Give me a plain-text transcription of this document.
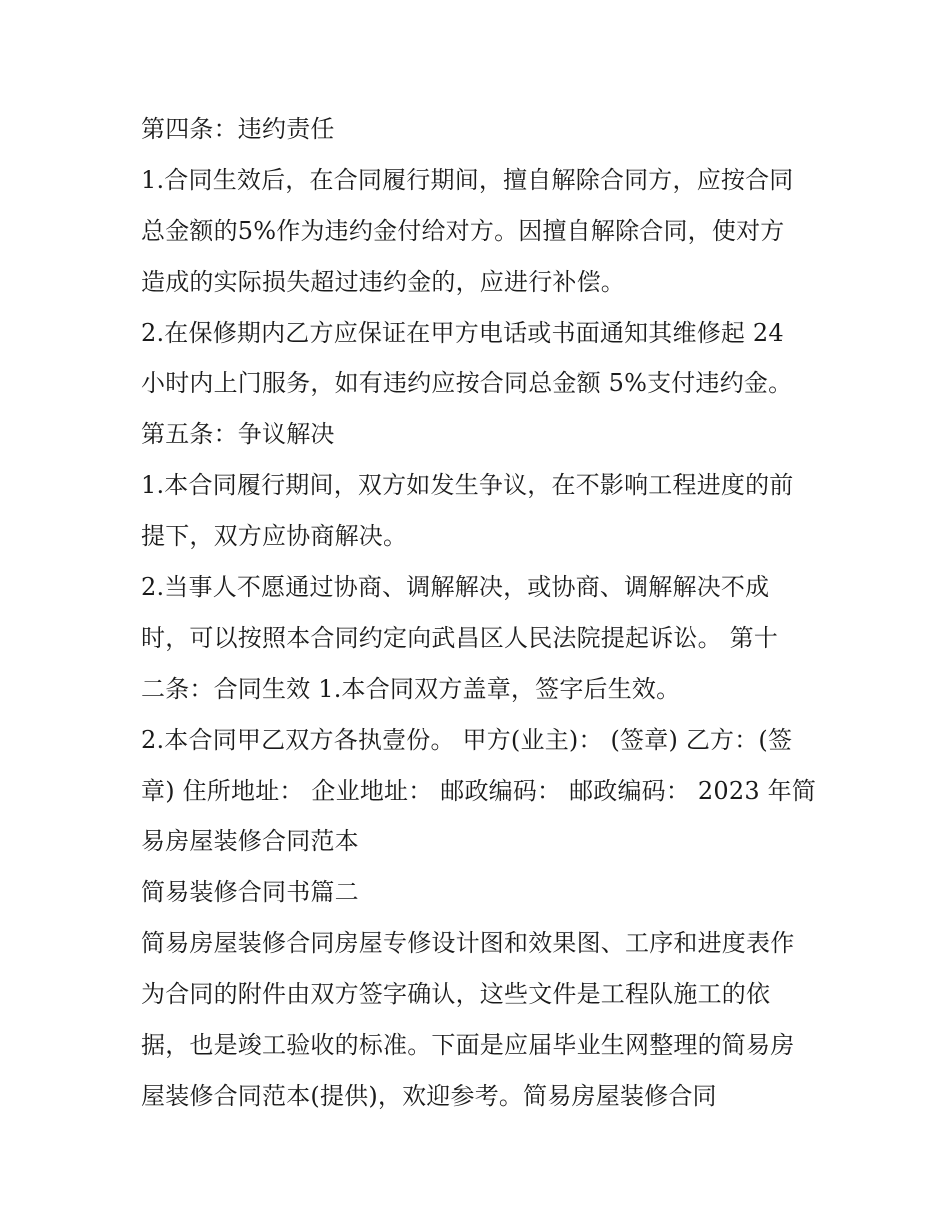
第四条：违约责任
1.合同生效后，在合同履行期间，擅自解除合同方，应按合同
总金额的5%作为违约金付给对方。因擅自解除合同，使对方
造成的实际损失超过违约金的，应进行补偿。
2.在保修期内乙方应保证在甲方电话或书面通知其维修起 24
小时内上门服务，如有违约应按合同总金额 5%支付违约金。
第五条：争议解决
1.本合同履行期间，双方如发生争议，在不影响工程进度的前
提下，双方应协商解决。
2.当事人不愿通过协商、调解解决，或协商、调解解决不成
时，可以按照本合同约定向武昌区人民法院提起诉讼。 第十
二条：合同生效 1.本合同双方盖章，签字后生效。
2.本合同甲乙双方各执壹份。 甲方(业主)： (签章) 乙方：(签
章) 住所地址： 企业地址： 邮政编码： 邮政编码： 2023 年简
易房屋装修合同范本
简易装修合同书篇二
简易房屋装修合同房屋专修设计图和效果图、工序和进度表作
为合同的附件由双方签字确认，这些文件是工程队施工的依
据，也是竣工验收的标准。下面是应届毕业生网整理的简易房
屋装修合同范本(提供)，欢迎参考。简易房屋装修合同
